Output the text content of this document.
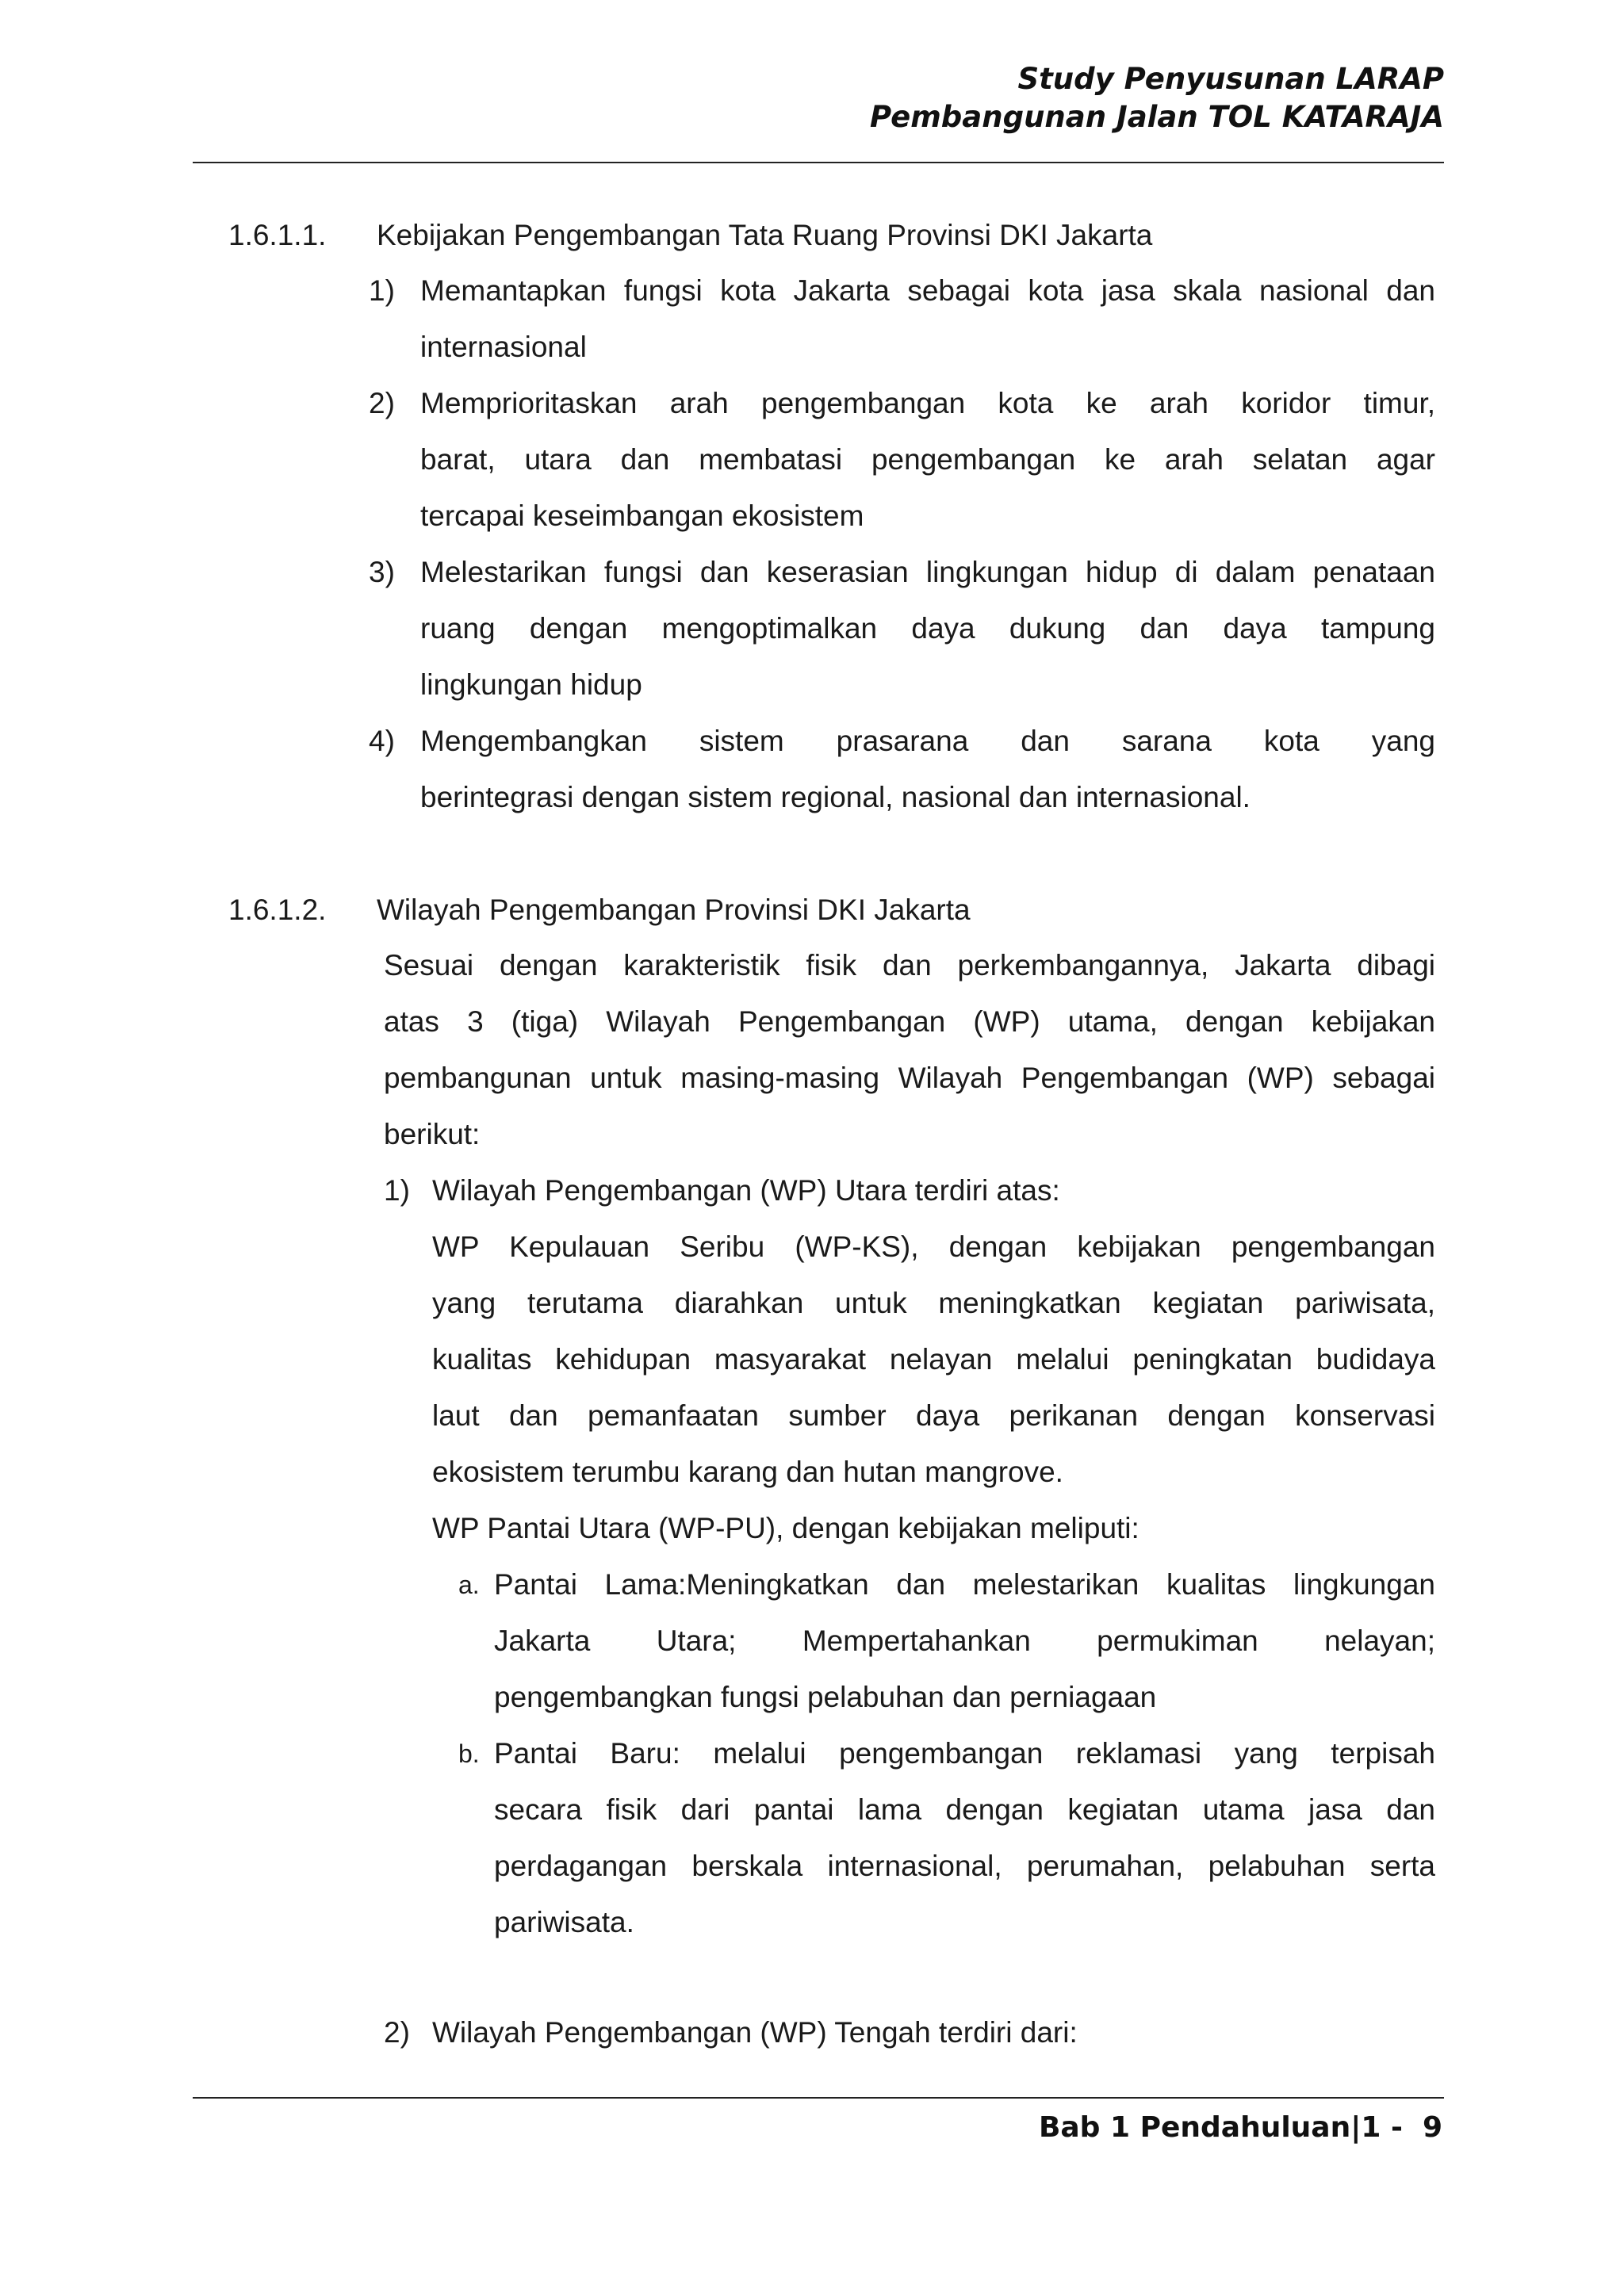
Study Penyusunan LARAP
Pembangunan Jalan TOL KATARAJA
1.6.1.1. Kebijakan Pengembangan Tata Ruang Provinsi DKI Jakarta
1) Memantapkan fungsi kota Jakarta sebagai kota jasa skala nasional dan
internasional
2) Memprioritaskan arah pengembangan kota ke arah koridor timur,
barat, utara dan membatasi pengembangan ke arah selatan agar
tercapai keseimbangan ekosistem
3) Melestarikan fungsi dan keserasian lingkungan hidup di dalam penataan
ruang dengan mengoptimalkan daya dukung dan daya tampung
lingkungan hidup
4) Mengembangkan sistem prasarana dan sarana kota yang
berintegrasi dengan sistem regional, nasional dan internasional.
1.6.1.2. Wilayah Pengembangan Provinsi DKI Jakarta
Sesuai dengan karakteristik fisik dan perkembangannya, Jakarta dibagi
atas 3 (tiga) Wilayah Pengembangan (WP) utama, dengan kebijakan
pembangunan untuk masing-masing Wilayah Pengembangan (WP) sebagai
berikut:
1) Wilayah Pengembangan (WP) Utara terdiri atas:
WP Kepulauan Seribu (WP-KS), dengan kebijakan pengembangan
yang terutama diarahkan untuk meningkatkan kegiatan pariwisata,
kualitas kehidupan masyarakat nelayan melalui peningkatan budidaya
laut dan pemanfaatan sumber daya perikanan dengan konservasi
ekosistem terumbu karang dan hutan mangrove.
WP Pantai Utara (WP-PU), dengan kebijakan meliputi:
a. Pantai Lama:Meningkatkan dan melestarikan kualitas lingkungan
Jakarta Utara; Mempertahankan permukiman nelayan;
pengembangkan fungsi pelabuhan dan perniagaan
b. Pantai Baru: melalui pengembangan reklamasi yang terpisah
secara fisik dari pantai lama dengan kegiatan utama jasa dan
perdagangan berskala internasional, perumahan, pelabuhan serta
pariwisata.
2) Wilayah Pengembangan (WP) Tengah terdiri dari:
Bab 1 Pendahuluan|1 -  9
